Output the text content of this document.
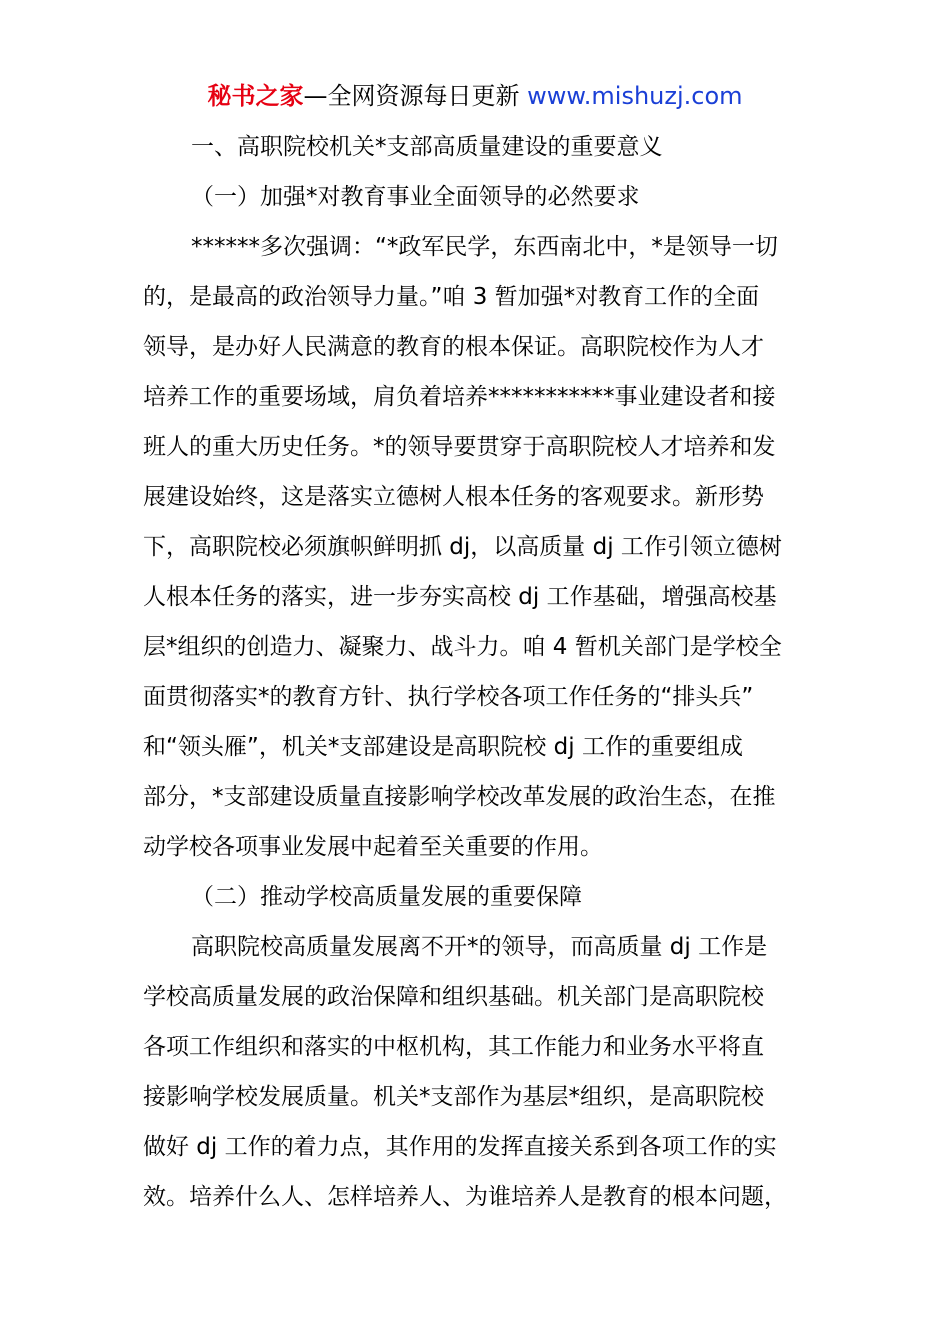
秘书之家—全网资源每日更新 www.mishuzj.com
一、高职院校机关*支部高质量建设的重要意义
（一）加强*对教育事业全面领导的必然要求
******多次强调：“*政军民学，东西南北中，*是领导一切
的，是最高的政治领导力量。”咱 3 暂加强*对教育工作的全面
领导，是办好人民满意的教育的根本保证。高职院校作为人才
培养工作的重要场域，肩负着培养***********事业建设者和接
班人的重大历史任务。*的领导要贯穿于高职院校人才培养和发
展建设始终，这是落实立德树人根本任务的客观要求。新形势
下，高职院校必须旗帜鲜明抓 dj，以高质量 dj 工作引领立德树
人根本任务的落实，进一步夯实高校 dj 工作基础，增强高校基
层*组织的创造力、凝聚力、战斗力。咱 4 暂机关部门是学校全
面贯彻落实*的教育方针、执行学校各项工作任务的“排头兵”
和“领头雁”，机关*支部建设是高职院校 dj 工作的重要组成
部分，*支部建设质量直接影响学校改革发展的政治生态，在推
动学校各项事业发展中起着至关重要的作用。
（二）推动学校高质量发展的重要保障
高职院校高质量发展离不开*的领导，而高质量 dj 工作是
学校高质量发展的政治保障和组织基础。机关部门是高职院校
各项工作组织和落实的中枢机构，其工作能力和业务水平将直
接影响学校发展质量。机关*支部作为基层*组织，是高职院校
做好 dj 工作的着力点，其作用的发挥直接关系到各项工作的实
效。培养什么人、怎样培养人、为谁培养人是教育的根本问题，
